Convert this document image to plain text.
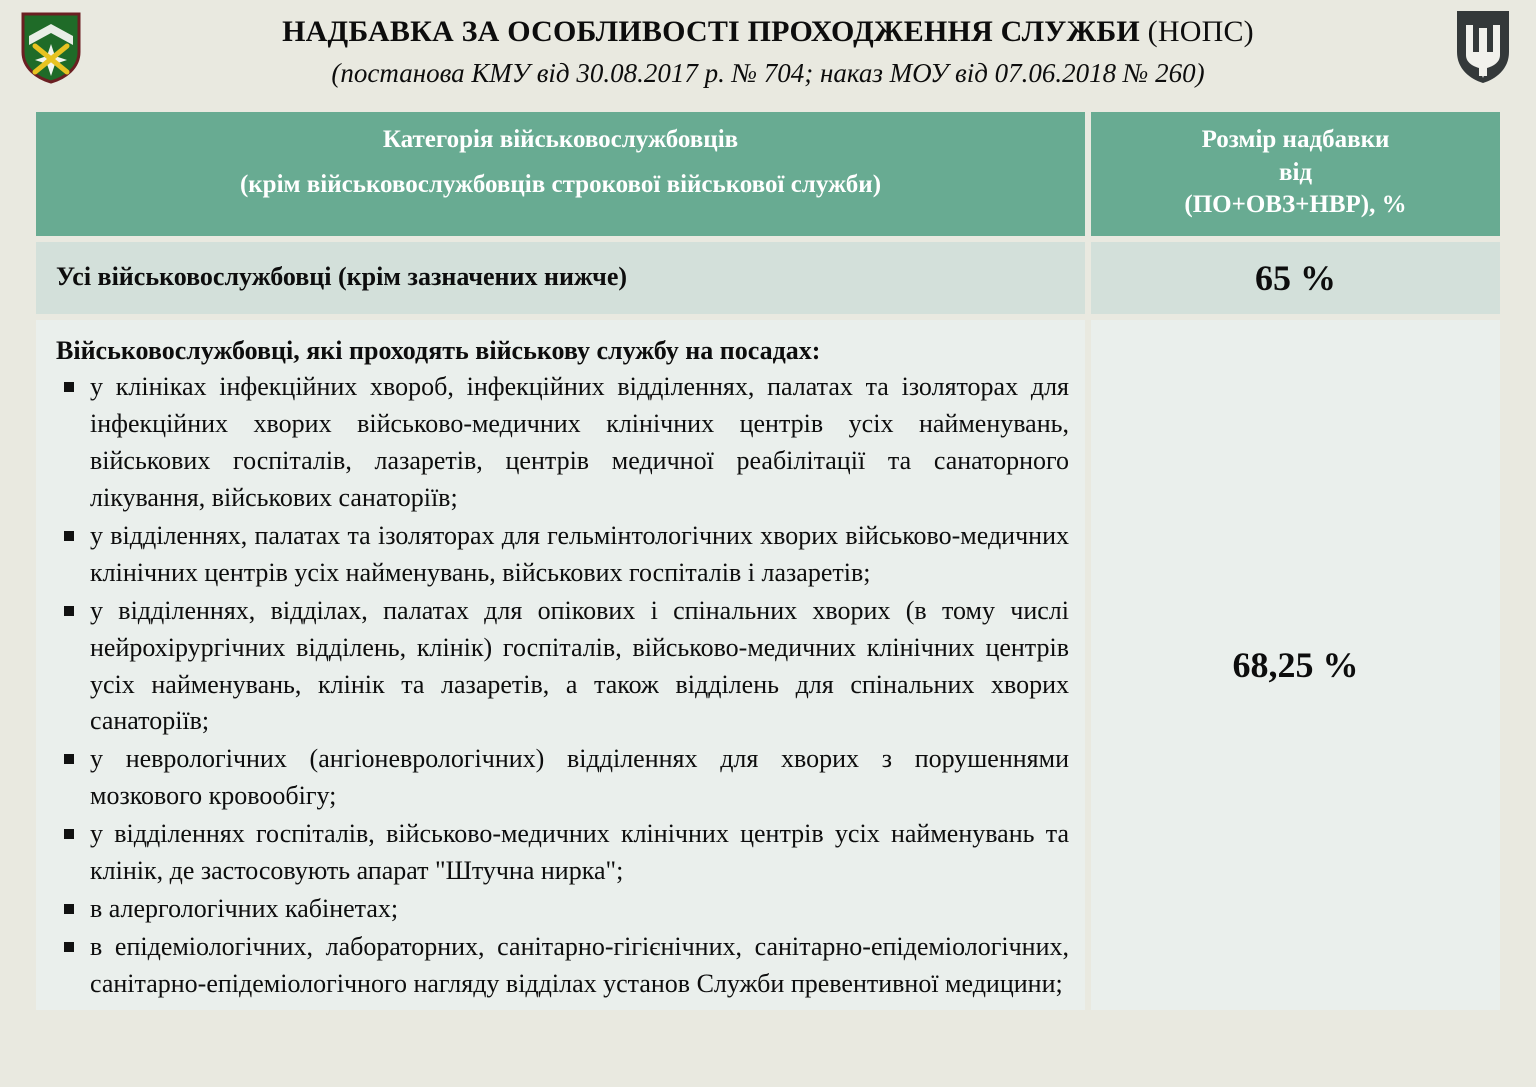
НАДБАВКА ЗА ОСОБЛИВОСТІ ПРОХОДЖЕННЯ СЛУЖБИ (НОПС)
(постанова КМУ від 30.08.2017 р. № 704; наказ МОУ від 07.06.2018 № 260)
Категорія військовослужбовців
(крім військовослужбовців строкової військової служби)
Розмір надбавки
від
(ПО+ОВЗ+НВР), %
Усі військовослужбовці (крім зазначених нижче)	65 %
Військовослужбовці, які проходять військову службу на посадах:
у клініках інфекційних хвороб, інфекційних відділеннях, палатах та ізоляторах для інфекційних хворих військово-медичних клінічних центрів усіх найменувань, військових госпіталів, лазаретів, центрів медичної реабілітації та санаторного лікування, військових санаторіїв;
у відділеннях, палатах та ізоляторах для гельмінтологічних хворих військово-медичних клінічних центрів усіх найменувань, військових госпіталів і лазаретів;
у відділеннях, відділах, палатах для опікових і спінальних хворих (в тому числі нейрохірургічних відділень, клінік) госпіталів, військово-медичних клінічних центрів усіх найменувань, клінік та лазаретів, а також відділень для спінальних хворих санаторіїв;
у неврологічних (ангіоневрологічних) відділеннях для хворих з порушеннями мозкового кровообігу;
у відділеннях госпіталів, військово-медичних клінічних центрів усіх найменувань та клінік, де застосовують апарат "Штучна нирка";
в алергологічних кабінетах;
в епідеміологічних, лабораторних, санітарно-гігієнічних, санітарно-епідеміологічних, санітарно-епідеміологічного нагляду відділах установ Служби превентивної медицини;
68,25 %
